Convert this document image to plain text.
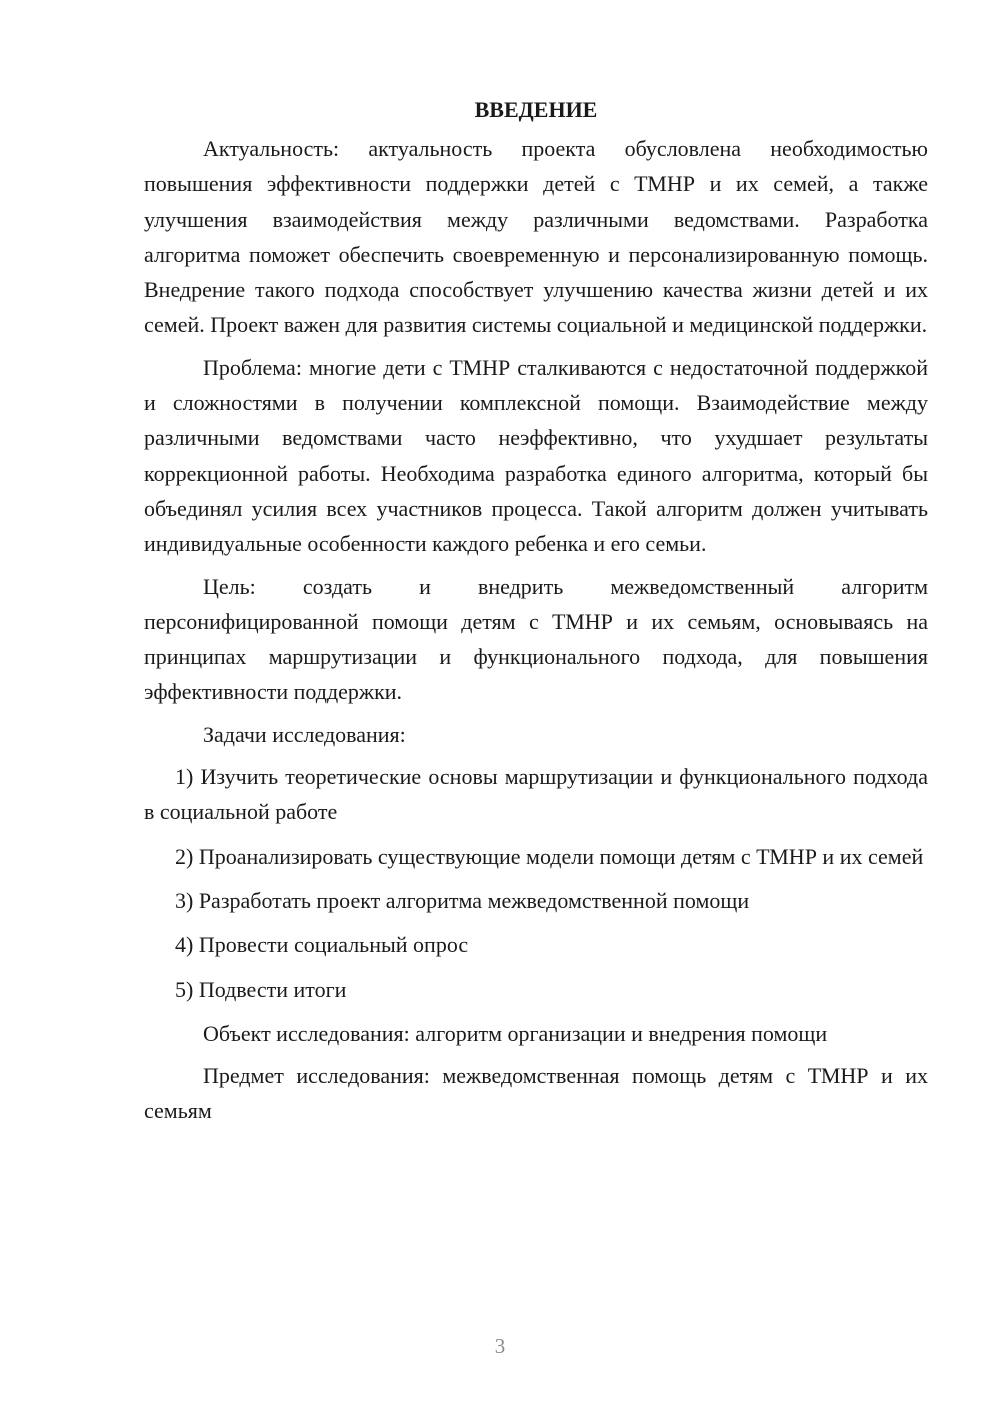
ВВЕДЕНИЕ

Актуальность: актуальность проекта обусловлена необходимостью повышения эффективности поддержки детей с ТМНР и их семей, а также улучшения взаимодействия между различными ведомствами. Разработка алгоритма поможет обеспечить своевременную и персонализированную помощь. Внедрение такого подхода способствует улучшению качества жизни детей и их семей. Проект важен для развития системы социальной и медицинской поддержки.

Проблема: многие дети с ТМНР сталкиваются с недостаточной поддержкой и сложностями в получении комплексной помощи. Взаимодействие между различными ведомствами часто неэффективно, что ухудшает результаты коррекционной работы. Необходима разработка единого алгоритма, который бы объединял усилия всех участников процесса. Такой алгоритм должен учитывать индивидуальные особенности каждого ребенка и его семьи.

Цель: создать и внедрить межведомственный алгоритм персонифицированной помощи детям с ТМНР и их семьям, основываясь на принципах маршрутизации и функционального подхода, для повышения эффективности поддержки.

Задачи исследования:

1) Изучить теоретические основы маршрутизации и функционального подхода в социальной работе

2) Проанализировать существующие модели помощи детям с ТМНР и их семей

3) Разработать проект алгоритма межведомственной помощи

4) Провести социальный опрос

5) Подвести итоги

Объект исследования: алгоритм организации и внедрения помощи

Предмет исследования: межведомственная помощь детям с ТМНР и их семьям

3
